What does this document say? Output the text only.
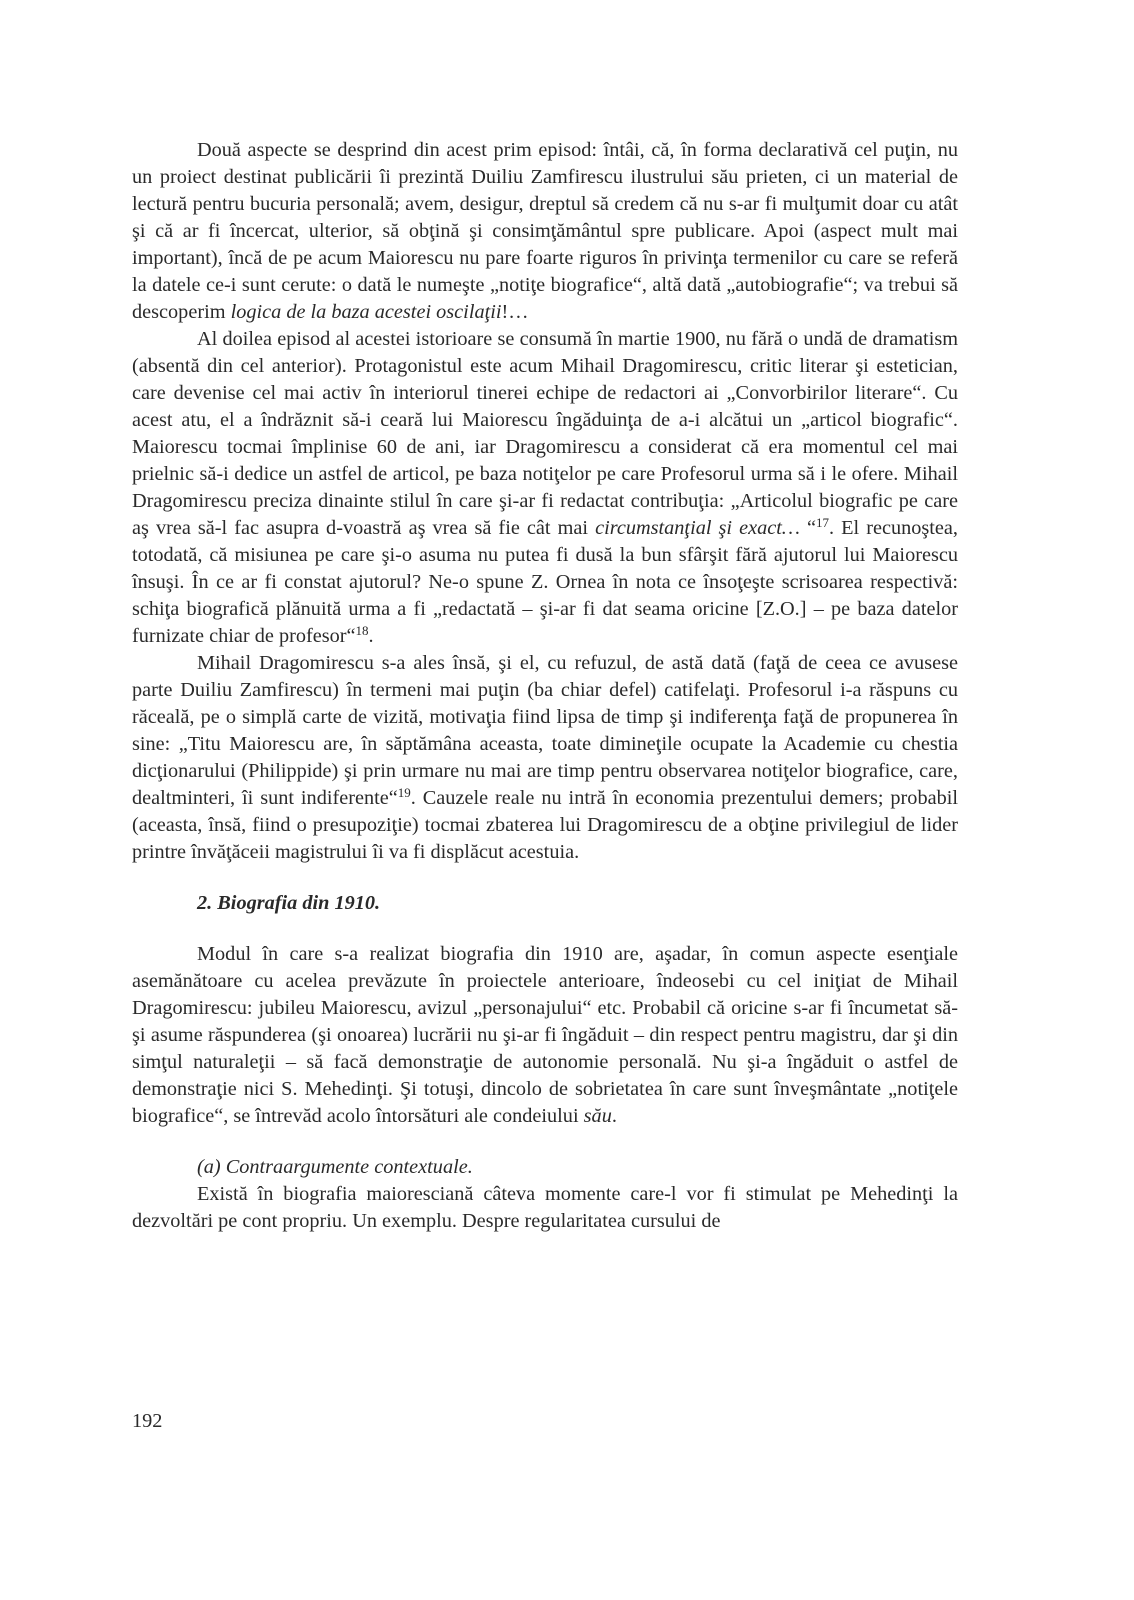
Două aspecte se desprind din acest prim episod: întâi, că, în forma declarativă cel puţin, nu un proiect destinat publicării îi prezintă Duiliu Zamfirescu ilustrului său prieten, ci un material de lectură pentru bucuria personală; avem, desigur, dreptul să credem că nu s-ar fi mulţumit doar cu atât şi că ar fi încercat, ulterior, să obţină şi consimţământul spre publicare. Apoi (aspect mult mai important), încă de pe acum Maiorescu nu pare foarte riguros în privinţa termenilor cu care se referă la datele ce-i sunt cerute: o dată le numeşte „notiţe biografice“, altă dată „autobiografie“; va trebui să descoperim logica de la baza acestei oscilaţii!…

Al doilea episod al acestei istorioare se consumă în martie 1900, nu fără o undă de dramatism (absentă din cel anterior). Protagonistul este acum Mihail Dragomirescu, critic literar şi estetician, care devenise cel mai activ în interiorul tinerei echipe de redactori ai „Convorbirilor literare“. Cu acest atu, el a îndrăznit să-i ceară lui Maiorescu îngăduinţa de a-i alcătui un „articol biografic“. Maiorescu tocmai împlinise 60 de ani, iar Dragomirescu a considerat că era momentul cel mai prielnic să-i dedice un astfel de articol, pe baza notiţelor pe care Profesorul urma să i le ofere. Mihail Dragomirescu preciza dinainte stilul în care şi-ar fi redactat contribuţia: „Articolul biografic pe care aş vrea să-l fac asupra d-voastră aş vrea să fie cât mai circumstanţial şi exact… “$^{17}$. El recunoştea, totodată, că misiunea pe care şi-o asuma nu putea fi dusă la bun sfârşit fără ajutorul lui Maiorescu însuşi. În ce ar fi constat ajutorul? Ne-o spune Z. Ornea în nota ce însoţeşte scrisoarea respectivă: schiţa biografică plănuită urma a fi „redactată – şi-ar fi dat seama oricine [Z.O.] – pe baza datelor furnizate chiar de profesor“$^{18}$.

Mihail Dragomirescu s-a ales însă, şi el, cu refuzul, de astă dată (faţă de ceea ce avusese parte Duiliu Zamfirescu) în termeni mai puţin (ba chiar defel) catifelaţi. Profesorul i-a răspuns cu răceală, pe o simplă carte de vizită, motivaţia fiind lipsa de timp şi indiferenţa faţă de propunerea în sine: „Titu Maiorescu are, în săptămâna aceasta, toate dimineţile ocupate la Academie cu chestia dicţionarului (Philippide) şi prin urmare nu mai are timp pentru observarea notiţelor biografice, care, dealtminteri, îi sunt indiferente“$^{19}$. Cauzele reale nu intră în economia prezentului demers; probabil (aceasta, însă, fiind o presupoziţie) tocmai zbaterea lui Dragomirescu de a obţine privilegiul de lider printre învăţăceii magistrului îi va fi displăcut acestuia.

2. Biografia din 1910.

Modul în care s-a realizat biografia din 1910 are, aşadar, în comun aspecte esenţiale asemănătoare cu acelea prevăzute în proiectele anterioare, îndeosebi cu cel iniţiat de Mihail Dragomirescu: jubileu Maiorescu, avizul „personajului“ etc. Probabil că oricine s-ar fi încumetat să-şi asume răspunderea (şi onoarea) lucrării nu şi-ar fi îngăduit – din respect pentru magistru, dar şi din simţul naturaleţii – să facă demonstraţie de autonomie personală. Nu şi-a îngăduit o astfel de demonstraţie nici S. Mehedinţi. Şi totuşi, dincolo de sobrietatea în care sunt înveşmântate „notiţele biografice“, se întrevăd acolo întorsături ale condeiului său.

(a) Contraargumente contextuale.

Există în biografia maioresciană câteva momente care-l vor fi stimulat pe Mehedinţi la dezvoltări pe cont propriu. Un exemplu. Despre regularitatea cursului de

192
